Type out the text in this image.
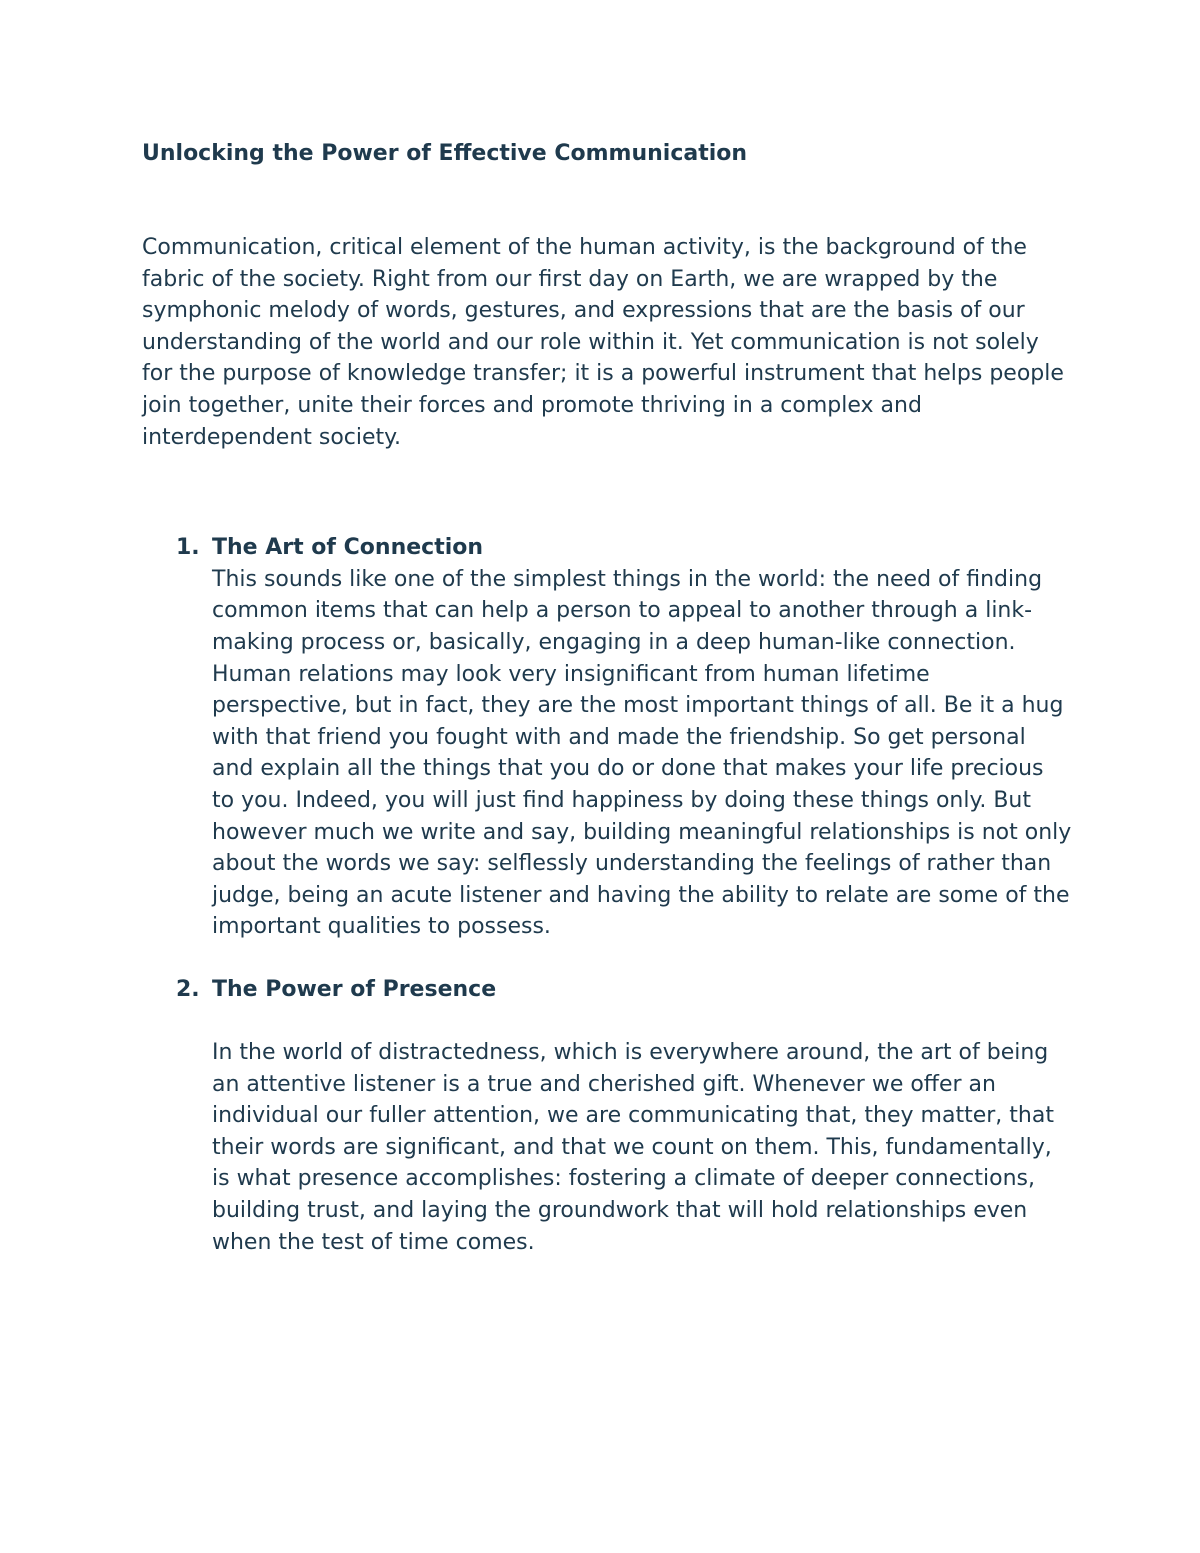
Unlocking the Power of Effective Communication

Communication, critical element of the human activity, is the background of the fabric of the society. Right from our first day on Earth, we are wrapped by the symphonic melody of words, gestures, and expressions that are the basis of our understanding of the world and our role within it. Yet communication is not solely for the purpose of knowledge transfer; it is a powerful instrument that helps people join together, unite their forces and promote thriving in a complex and interdependent society.

1. The Art of Connection

This sounds like one of the simplest things in the world: the need of finding common items that can help a person to appeal to another through a link-making process or, basically, engaging in a deep human-like connection. Human relations may look very insignificant from human lifetime perspective, but in fact, they are the most important things of all. Be it a hug with that friend you fought with and made the friendship. So get personal and explain all the things that you do or done that makes your life precious to you. Indeed, you will just find happiness by doing these things only. But however much we write and say, building meaningful relationships is not only about the words we say: selflessly understanding the feelings of rather than judge, being an acute listener and having the ability to relate are some of the important qualities to possess.

2. The Power of Presence

In the world of distractedness, which is everywhere around, the art of being an attentive listener is a true and cherished gift. Whenever we offer an individual our fuller attention, we are communicating that, they matter, that their words are significant, and that we count on them. This, fundamentally, is what presence accomplishes: fostering a climate of deeper connections, building trust, and laying the groundwork that will hold relationships even when the test of time comes.
